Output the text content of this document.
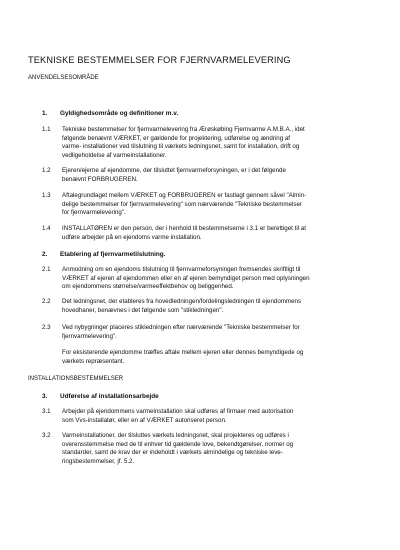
TEKNISKE BESTEMMELSER FOR FJERNVARMELEVERING
ANVENDELSESOMRÅDE
1. Gyldighedsområde og definitioner m.v.
1.1 Tekniske bestemmelser for fjernvarmelevering fra Ærøskøbing Fjernvarme A.M.B.A., idet
følgende benævnt VÆRKET, er gældende for projektering, udførelse og ændring af
varme- installationer ved tilslutning til værkets ledningsnet, samt for installation, drift og
vedligeholdelse af varmeinstallationer.
1.2 Ejeren/ejerne af ejendomme, der tilsluttet fjernvarmeforsyningen, er i det følgende
benævnt FORBRUGEREN.
1.3 Aftalegrundlaget mellem VÆRKET og FORBRUGEREN er fastlagt gennem såvel "Almin-
delige bestemmelser for fjernvarmelevering" som nærværende "Tekniske bestemmelser
for fjernvarmelevering".
1.4 INSTALLATØREN er den person, der i henhold til bestemmelserne i 3.1 er berettiget til at
udføre arbejder på en ejendoms varme installation.
2. Etablering af fjernvarmetilslutning.
2.1 Anmodning om en ejendoms tilslutning til fjernvarmeforsyningen fremsendes skriftligt til
VÆRKET af ejeren af ejendommen eller en af ejeren bemyndiget person med oplysningen
om ejendommens størrelse/varmeeffektbehov og beliggenhed.
2.2 Det ledningsnet, der etableres fra hovedledningen/fordelingsledningen til ejendommens
hovedhaner, benævnes i det følgende som "stikledningen".
2.3 Ved nybygninger placeres stikledningen efter nærværende "Tekniske bestemmelser for
fjernvarmelevering".
For eksisterende ejendomme træffes aftale mellem ejeren eller dennes bemyndigede og
værkets repræsentant.
INSTALLATIONSBESTEMMELSER
3. Udførelse af installationsarbejde
3.1 Arbejder på ejendommens varmeinstallation skal udføres af firmaer med autorisation
som Vvs-installatør, eller en af VÆRKET autoriseret person.
3.2 Varmeinstallationer, der tilsluttes værkets ledningsnet, skal projekteres og udføres i
overensstemmelse med de til enhver tid gældende love, bekendtgørelser, normer og
standarder, samt de krav der er indeholdt i værkets almindelige og tekniske leve-
ringsbestemmelser, jf. 5.2.
